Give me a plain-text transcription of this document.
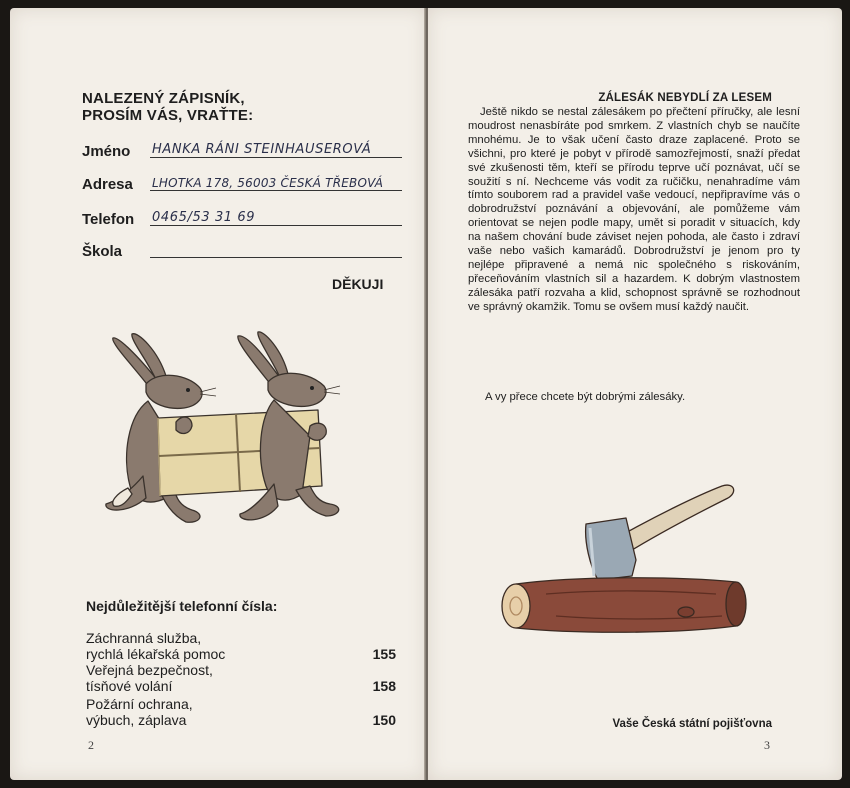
NALEZENÝ ZÁPISNÍK,
PROSÍM VÁS, VRAŤTE:
Jméno HANKA RÁNI STEINHAUSEROVÁ
Adresa LHOTKA 178, 56003 ČESKÁ TŘEBOVÁ
Telefon 0465/53 31 69
Škola
DĚKUJI
Nejdůležitější telefonní čísla:
Záchranná služba,
rychlá lékařská pomoc	155
Veřejná bezpečnost,
tísňové volání	158
Požární ochrana,
výbuch, záplava	150
2
ZÁLESÁK NEBYDLÍ ZA LESEM

Ještě nikdo se nestal zálesákem po přečtení příručky, ale lesní moudrost nenasbíráte pod smrkem. Z vlastních chyb se naučíte mnohému. Je to však učení často draze zaplacené. Proto se všichni, pro které je pobyt v přírodě samozřejmostí, snaží předat své zkušenosti těm, kteří se přírodu teprve učí poznávat, učí se soužití s ní. Nechceme vás vodit za ručičku, nenahradíme vám tímto souborem rad a pravidel vaše vedoucí, nepřipravíme vás o dobrodružství poznávání a objevování, ale pomůžeme vám orientovat se nejen podle mapy, umět si poradit v situacích, kdy na našem chování bude záviset nejen pohoda, ale často i zdraví vaše nebo vašich kamarádů. Dobrodružství je jenom pro ty nejlépe připravené a nemá nic společného s riskováním, přeceňováním vlastních sil a hazardem. K dobrým vlastnostem zálesáka patří rozvaha a klid, schopnost správně se rozhodnout ve správný okamžik. Tomu se ovšem musí každý naučit.

A vy přece chcete být dobrými zálesáky.
Vaše Česká státní pojišťovna
3
